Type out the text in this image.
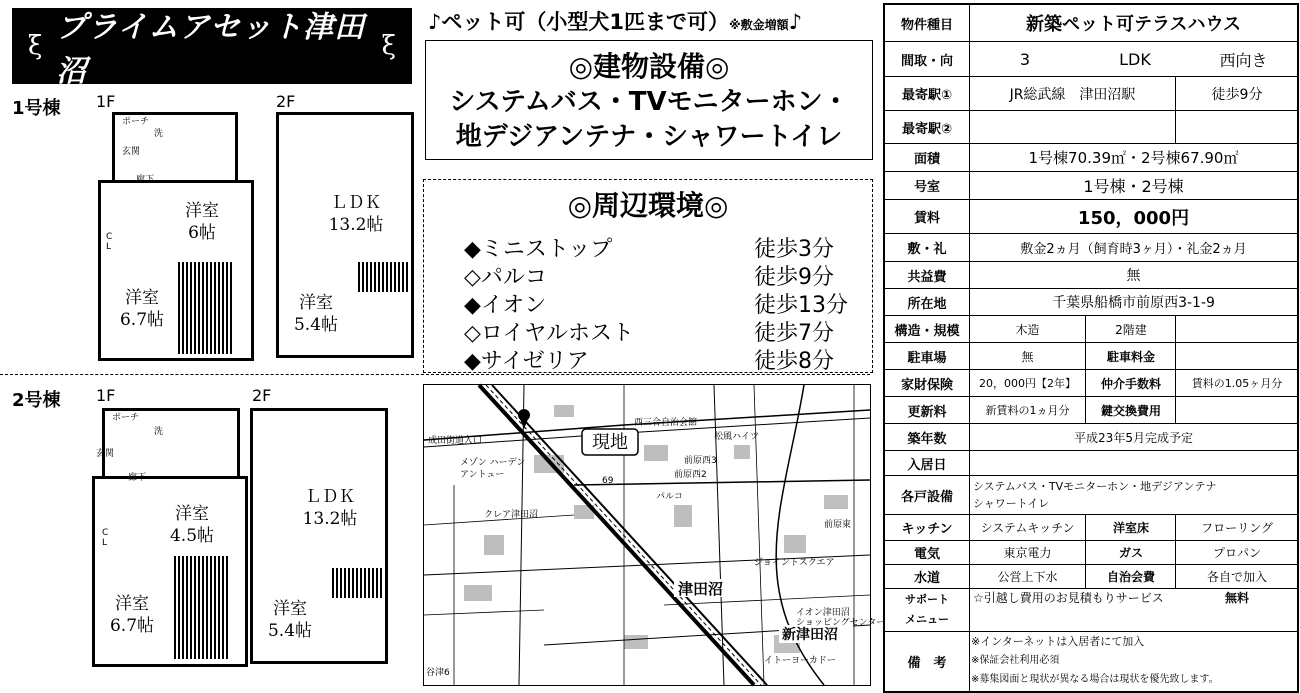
ξ
プライムアセット津田沼
ξ
♪ペット可（小型犬1匹まで可）※敷金増額♪
◎建物設備◎
システムバス・TVモニターホン・
地デジアンテナ・シャワートイレ
◎周辺環境◎
◆ミニストップ	徒歩3分
◇パルコ	徒歩9分
◆イオン	徒歩13分
◇ロイヤルホスト	徒歩7分
◆サイゼリア	徒歩8分
現地
津田沼
新津田沼
成田街道入口
前原西2
前原東
谷津6
松風ハイツ
西三合自治会館
メゾン ハーデン
アントュー
前原西3
パルコ
イオン津田沼
ショッピングセンター
ジョイントスクエア
クレア津田沼
イトーヨーカドー
69
1号棟 1F	2F
ポーチ
玄関
廊下
洗
C
L
洋室
6帖
洋室
6.7帖
ＬＤＫ
13.2帖
洋室
5.4帖
2号棟 1F	2F
ポーチ
玄関
廊下
洗
C
L
洋室
4.5帖
洋室
6.7帖
ＬＤＫ
13.2帖
洋室
5.4帖
物件種目	新築ペット可テラスハウス
間取・向	3	LDK	西向き
最寄駅①	JR総武線　津田沼駅	徒歩9分
最寄駅②
面積	1号棟70.39㎡・2号棟67.90㎡
号室	1号棟・2号棟
賃料	150，000円
敷・礼	敷金2ヵ月（飼育時3ヶ月）・礼金2ヵ月
共益費	無
所在地	千葉県船橋市前原西3-1-9
構造・規模	木造	2階建
駐車場	無	駐車料金
家財保険	20，000円【2年】	仲介手数料	賃料の1.05ヶ月分
更新料	新賃料の1ヵ月分	鍵交換費用
築年数	平成23年5月完成予定
入居日
各戸設備
システムバス・TVモニターホン・地デジアンテナ
シャワートイレ
キッチン	システムキッチン	洋室床	フローリング
電気	東京電力	ガス	プロパン
水道	公営上下水	自治会費	各自で加入
サポート
メニュー
☆引越し費用のお見積もりサービス	無料
備　考
※インターネットは入居者にて加入
※保証会社利用必須
※募集図面と現状が異なる場合は現状を優先致します。
